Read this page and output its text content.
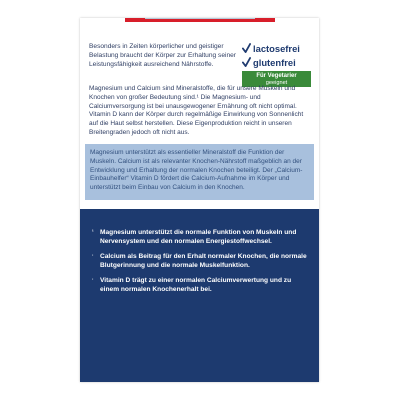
Besonders in Zeiten körperlicher und geistiger Belastung braucht der Körper zur Erhaltung seiner Leistungsfähigkeit ausreichend Nährstoffe.
lactosefrei
glutenfrei
Für Vegetarier
geeignet
Magnesium und Calcium sind Mineralstoffe, die für unsere Muskeln und Knochen von großer Bedeutung sind.¹ Die Magnesium- und Calciumversorgung ist bei unausgewogener Ernährung oft nicht optimal. Vitamin D kann der Körper durch regelmäßige Einwirkung von Sonnenlicht auf die Haut selbst herstellen. Diese Eigenproduktion reicht in unseren Breitengraden jedoch oft nicht aus.

Magnesium unterstützt als essentieller Mineralstoff die Funktion der Muskeln. Calcium ist als relevanter Knochen-Nährstoff maßgeblich an der Entwicklung und Erhaltung der normalen Knochen beteiligt. Der „Calcium-Einbauhelfer“ Vitamin D fördert die Calcium-Aufnahme im Körper und unterstützt beim Einbau von Calcium in den Knochen.

¹ Magnesium unterstützt die normale Funktion von Muskeln und Nervensystem und den normalen Energiestoffwechsel.
· Calcium als Beitrag für den Erhalt normaler Knochen, die normale Blutgerinnung und die normale Muskelfunktion.
· Vitamin D trägt zu einer normalen Calciumverwertung und zu einem normalen Knochenerhalt bei.
